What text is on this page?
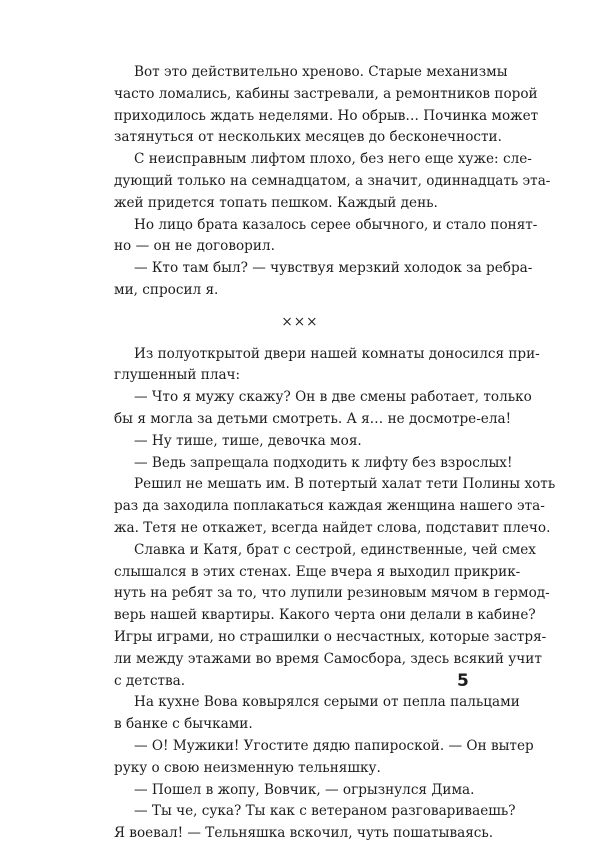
Вот это действительно хреново. Старые механизмы
часто ломались, кабины застревали, а ремонтников порой
приходилось ждать неделями. Но обрыв… Починка может
затянуться от нескольких месяцев до бесконечности.
С неисправным лифтом плохо, без него еще хуже: сле-
дующий только на семнадцатом, а значит, одиннадцать эта-
жей придется топать пешком. Каждый день.
Но лицо брата казалось серее обычного, и стало понят-
но — он не договорил.
— Кто там был? — чувствуя мерзкий холодок за ребра-
ми, спросил я.
×××
Из полуоткрытой двери нашей комнаты доносился при-
глушенный плач:
— Что я мужу скажу? Он в две смены работает, только
бы я могла за детьми смотреть. А я… не досмотре-ела!
— Ну тише, тише, девочка моя.
— Ведь запрещала подходить к лифту без взрослых!
Решил не мешать им. В потертый халат тети Полины хоть
раз да заходила поплакаться каждая женщина нашего эта-
жа. Тетя не откажет, всегда найдет слова, подставит плечо.
Славка и Катя, брат с сестрой, единственные, чей смех
слышался в этих стенах. Еще вчера я выходил прикрик-
нуть на ребят за то, что лупили резиновым мячом в гермод-
верь нашей квартиры. Какого черта они делали в кабине?
Игры играми, но страшилки о несчастных, которые застря-
ли между этажами во время Самосбора, здесь всякий учит
с детства.
На кухне Вова ковырялся серыми от пепла пальцами
в банке с бычками.
— О! Мужики! Угостите дядю папироской. — Он вытер
руку о свою неизменную тельняшку.
— Пошел в жопу, Вовчик, — огрызнулся Дима.
— Ты че, сука? Ты как с ветераном разговариваешь?
Я воевал! — Тельняшка вскочил, чуть пошатываясь.
5
